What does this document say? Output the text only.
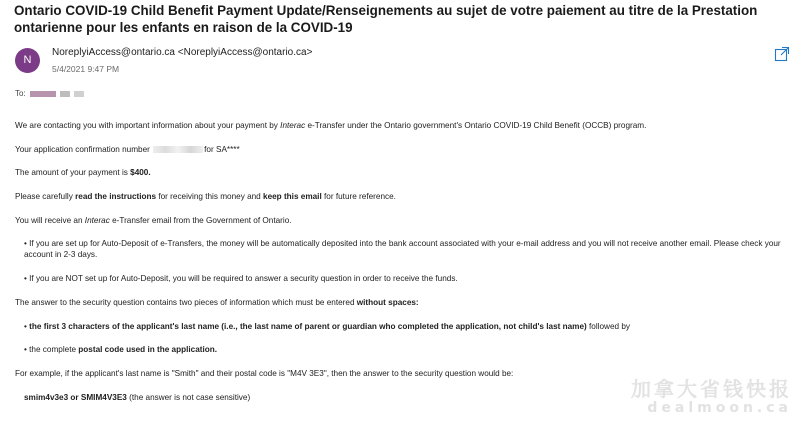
Ontario COVID-19 Child Benefit Payment Update/Renseignements au sujet de votre paiement au titre de la Prestation ontarienne pour les enfants en raison de la COVID-19
N
NoreplyiAccess@ontario.ca <NoreplyiAccess@ontario.ca>
5/4/2021 9:47 PM
To:

We are contacting you with important information about your payment by Interac e-Transfer under the Ontario government's Ontario COVID-19 Child Benefit (OCCB) program.

Your application confirmation number	for SA****

The amount of your payment is $400.

Please carefully read the instructions for receiving this money and keep this email for future reference.

You will receive an Interac e-Transfer email from the Government of Ontario.

• If you are set up for Auto-Deposit of e-Transfers, the money will be automatically deposited into the bank account associated with your e-mail address and you will not receive another email. Please check your account in 2-3 days.

• If you are NOT set up for Auto-Deposit, you will be required to answer a security question in order to receive the funds.

The answer to the security question contains two pieces of information which must be entered without spaces:

• the first 3 characters of the applicant's last name (i.e., the last name of parent or guardian who completed the application, not child's last name) followed by

• the complete postal code used in the application.

For example, if the applicant's last name is "Smith" and their postal code is "M4V 3E3", then the answer to the security question would be:

smim4v3e3 or SMIM4V3E3 (the answer is not case sensitive)	加拿大省钱快报
dealmoon.ca
